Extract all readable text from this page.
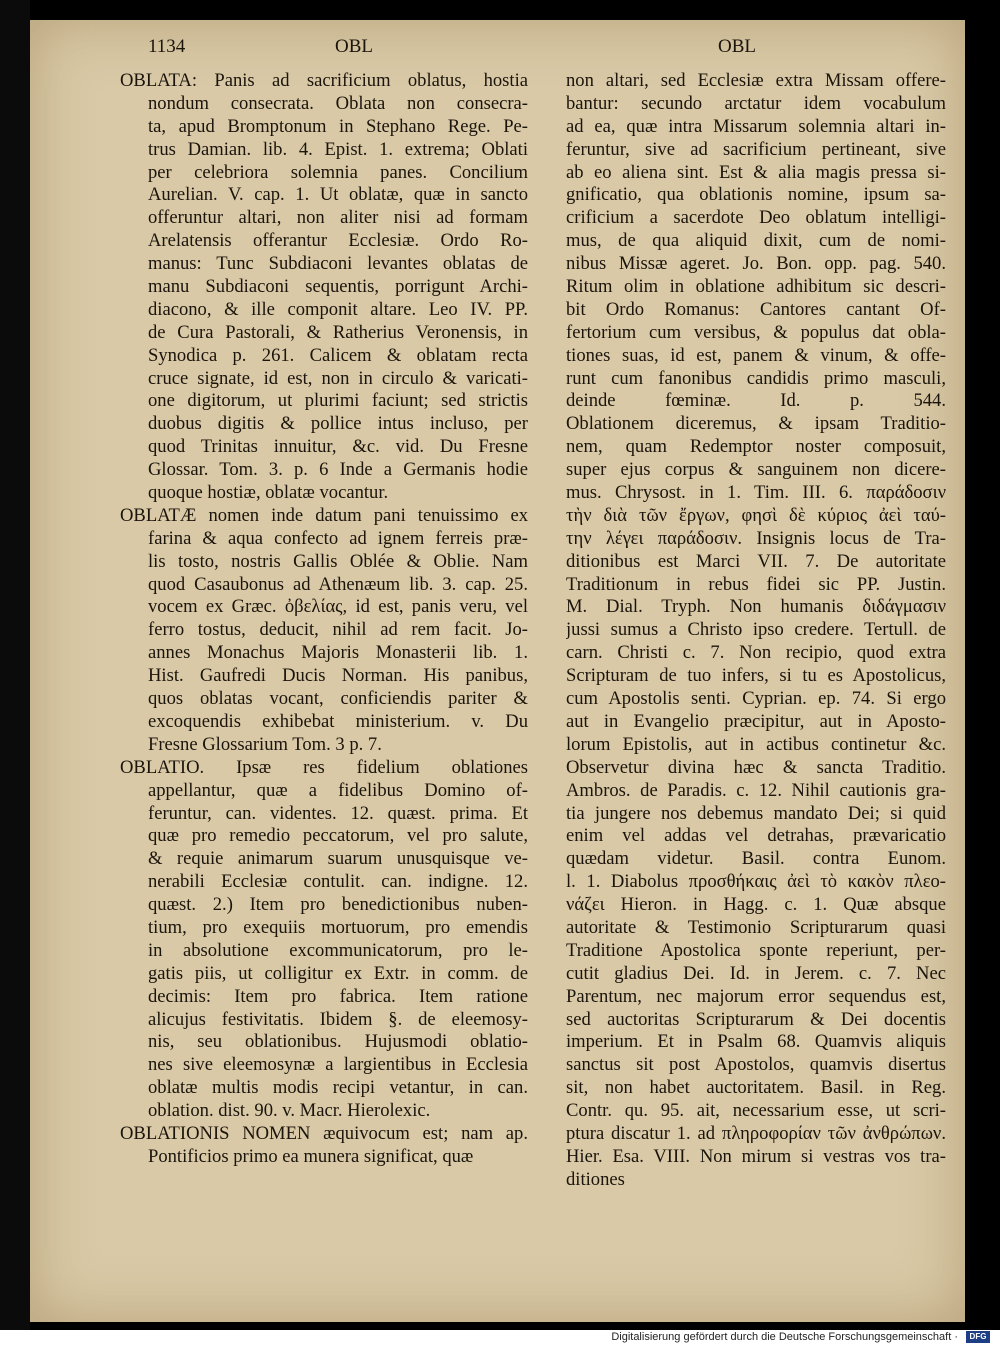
1134	OBL	OBL
OBLATA: Panis ad sacrificium oblatus, hostia
nondum consecrata. Oblata non consecra-
ta, apud Bromptonum in Stephano Rege. Pe-
trus Damian. lib. 4. Epist. 1. extrema; Oblati
per celebriora solemnia panes. Concilium
Aurelian. V. cap. 1. Ut oblatæ, quæ in sancto
offeruntur altari, non aliter nisi ad formam
Arelatensis offerantur Ecclesiæ. Ordo Ro-
manus: Tunc Subdiaconi levantes oblatas de
manu Subdiaconi sequentis, porrigunt Archi-
diacono, & ille componit altare. Leo IV. PP.
de Cura Pastorali, & Ratherius Veronensis, in
Synodica p. 261. Calicem & oblatam recta
cruce signate, id est, non in circulo & varicati-
one digitorum, ut plurimi faciunt; sed strictis
duobus digitis & pollice intus incluso, per
quod Trinitas innuitur, &c. vid. Du Fresne
Glossar. Tom. 3. p. 6 Inde a Germanis hodie
quoque hostiæ, oblatæ vocantur.
OBLATÆ nomen inde datum pani tenuissimo ex
farina & aqua confecto ad ignem ferreis præ-
lis tosto, nostris Gallis Oblée & Oblie. Nam
quod Casaubonus ad Athenæum lib. 3. cap. 25.
vocem ex Græc. ὀβελίας, id est, panis veru, vel
ferro tostus, deducit, nihil ad rem facit. Jo-
annes Monachus Majoris Monasterii lib. 1.
Hist. Gaufredi Ducis Norman. His panibus,
quos oblatas vocant, conficiendis pariter &
excoquendis exhibebat ministerium. v. Du
Fresne Glossarium Tom. 3 p. 7.
OBLATIO. Ipsæ res fidelium oblationes
appellantur, quæ a fidelibus Domino of-
feruntur, can. videntes. 12. quæst. prima. Et
quæ pro remedio peccatorum, vel pro salute,
& requie animarum suarum unusquisque ve-
nerabili Ecclesiæ contulit. can. indigne. 12.
quæst. 2.) Item pro benedictionibus nuben-
tium, pro exequiis mortuorum, pro emendis
in absolutione excommunicatorum, pro le-
gatis piis, ut colligitur ex Extr. in comm. de
decimis: Item pro fabrica. Item ratione
alicujus festivitatis. Ibidem §. de eleemosy-
nis, seu oblationibus. Hujusmodi oblatio-
nes sive eleemosynæ a largientibus in Ecclesia
oblatæ multis modis recipi vetantur, in can.
oblation. dist. 90. v. Macr. Hierolexic.
OBLATIONIS NOMEN æquivocum est; nam ap.
Pontificios primo ea munera significat, quæ
non altari, sed Ecclesiæ extra Missam offere-
bantur: secundo arctatur idem vocabulum
ad ea, quæ intra Missarum solemnia altari in-
feruntur, sive ad sacrificium pertineant, sive
ab eo aliena sint. Est & alia magis pressa si-
gnificatio, qua oblationis nomine, ipsum sa-
crificium a sacerdote Deo oblatum intelligi-
mus, de qua aliquid dixit, cum de nomi-
nibus Missæ ageret. Jo. Bon. opp. pag. 540.
Ritum olim in oblatione adhibitum sic descri-
bit Ordo Romanus: Cantores cantant Of-
fertorium cum versibus, & populus dat obla-
tiones suas, id est, panem & vinum, & offe-
runt cum fanonibus candidis primo masculi,
deinde fœminæ. Id. p. 544.
Oblationem diceremus, & ipsam Traditio-
nem, quam Redemptor noster composuit,
super ejus corpus & sanguinem non dicere-
mus. Chrysost. in 1. Tim. III. 6. παράδοσιν
τὴν διὰ τῶν ἔργων, φησὶ δὲ κύριος ἀεὶ ταύ-
την λέγει παράδοσιν. Insignis locus de Tra-
ditionibus est Marci VII. 7. De autoritate
Traditionum in rebus fidei sic PP. Justin.
M. Dial. Tryph. Non humanis διδάγμασιν
jussi sumus a Christo ipso credere. Tertull. de
carn. Christi c. 7. Non recipio, quod extra
Scripturam de tuo infers, si tu es Apostolicus,
cum Apostolis senti. Cyprian. ep. 74. Si ergo
aut in Evangelio præcipitur, aut in Aposto-
lorum Epistolis, aut in actibus continetur &c.
Observetur divina hæc & sancta Traditio.
Ambros. de Paradis. c. 12. Nihil cautionis gra-
tia jungere nos debemus mandato Dei; si quid
enim vel addas vel detrahas, prævaricatio
quædam videtur. Basil. contra Eunom.
l. 1. Diabolus προσθήκαις ἀεὶ τὸ κακὸν πλεο-
νάζει Hieron. in Hagg. c. 1. Quæ absque
autoritate & Testimonio Scripturarum quasi
Traditione Apostolica sponte reperiunt, per-
cutit gladius Dei. Id. in Jerem. c. 7. Nec
Parentum, nec majorum error sequendus est,
sed auctoritas Scripturarum & Dei docentis
imperium. Et in Psalm 68. Quamvis aliquis
sanctus sit post Apostolos, quamvis disertus
sit, non habet auctoritatem. Basil. in Reg.
Contr. qu. 95. ait, necessarium esse, ut scri-
ptura discatur 1. ad πληροφορίαν τῶν ἀνθρώπων.
Hier. Esa. VIII. Non mirum si vestras vos tra-
ditiones
Digitalisierung gefördert durch die Deutsche Forschungsgemeinschaft ·	DFG
